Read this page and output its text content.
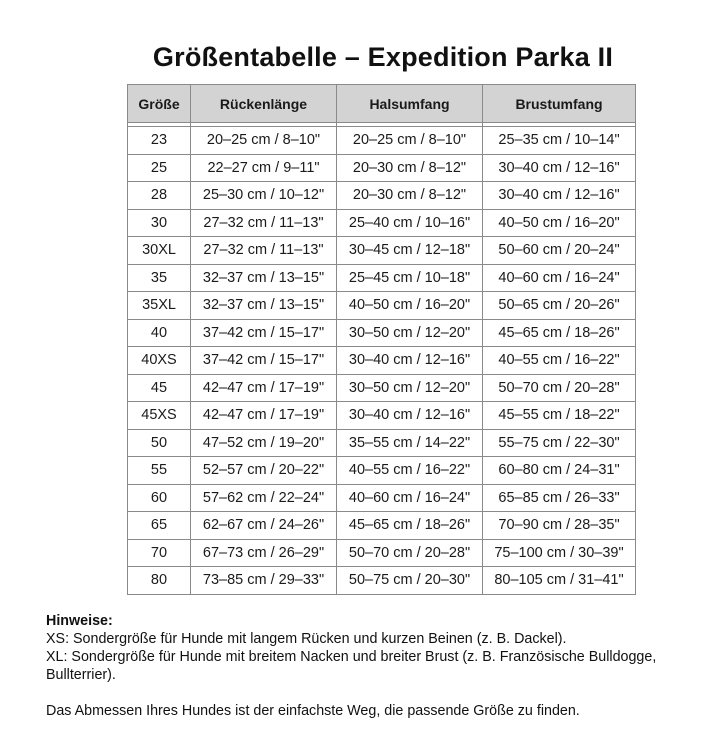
Größentabelle – Expedition Parka II
Größe	Rückenlänge	Halsumfang	Brustumfang

23	20–25 cm / 8–10"	20–25 cm / 8–10"	25–35 cm / 10–14"
25	22–27 cm / 9–11"	20–30 cm / 8–12"	30–40 cm / 12–16"
28	25–30 cm / 10–12"	20–30 cm / 8–12"	30–40 cm / 12–16"
30	27–32 cm / 11–13"	25–40 cm / 10–16"	40–50 cm / 16–20"
30XL	27–32 cm / 11–13"	30–45 cm / 12–18"	50–60 cm / 20–24"
35	32–37 cm / 13–15"	25–45 cm / 10–18"	40–60 cm / 16–24"
35XL	32–37 cm / 13–15"	40–50 cm / 16–20"	50–65 cm / 20–26"
40	37–42 cm / 15–17"	30–50 cm / 12–20"	45–65 cm / 18–26"
40XS	37–42 cm / 15–17"	30–40 cm / 12–16"	40–55 cm / 16–22"
45	42–47 cm / 17–19"	30–50 cm / 12–20"	50–70 cm / 20–28"
45XS	42–47 cm / 17–19"	30–40 cm / 12–16"	45–55 cm / 18–22"
50	47–52 cm / 19–20"	35–55 cm / 14–22"	55–75 cm / 22–30"
55	52–57 cm / 20–22"	40–55 cm / 16–22"	60–80 cm / 24–31"
60	57–62 cm / 22–24"	40–60 cm / 16–24"	65–85 cm / 26–33"
65	62–67 cm / 24–26"	45–65 cm / 18–26"	70–90 cm / 28–35"
70	67–73 cm / 26–29"	50–70 cm / 20–28"	75–100 cm / 30–39"
80	73–85 cm / 29–33"	50–75 cm / 20–30"	80–105 cm / 31–41"
Hinweise:
XS: Sondergröße für Hunde mit langem Rücken und kurzen Beinen (z. B. Dackel).
XL: Sondergröße für Hunde mit breitem Nacken und breiter Brust (z. B. Französische Bulldogge, Bullterrier).
Das Abmessen Ihres Hundes ist der einfachste Weg, die passende Größe zu finden.
